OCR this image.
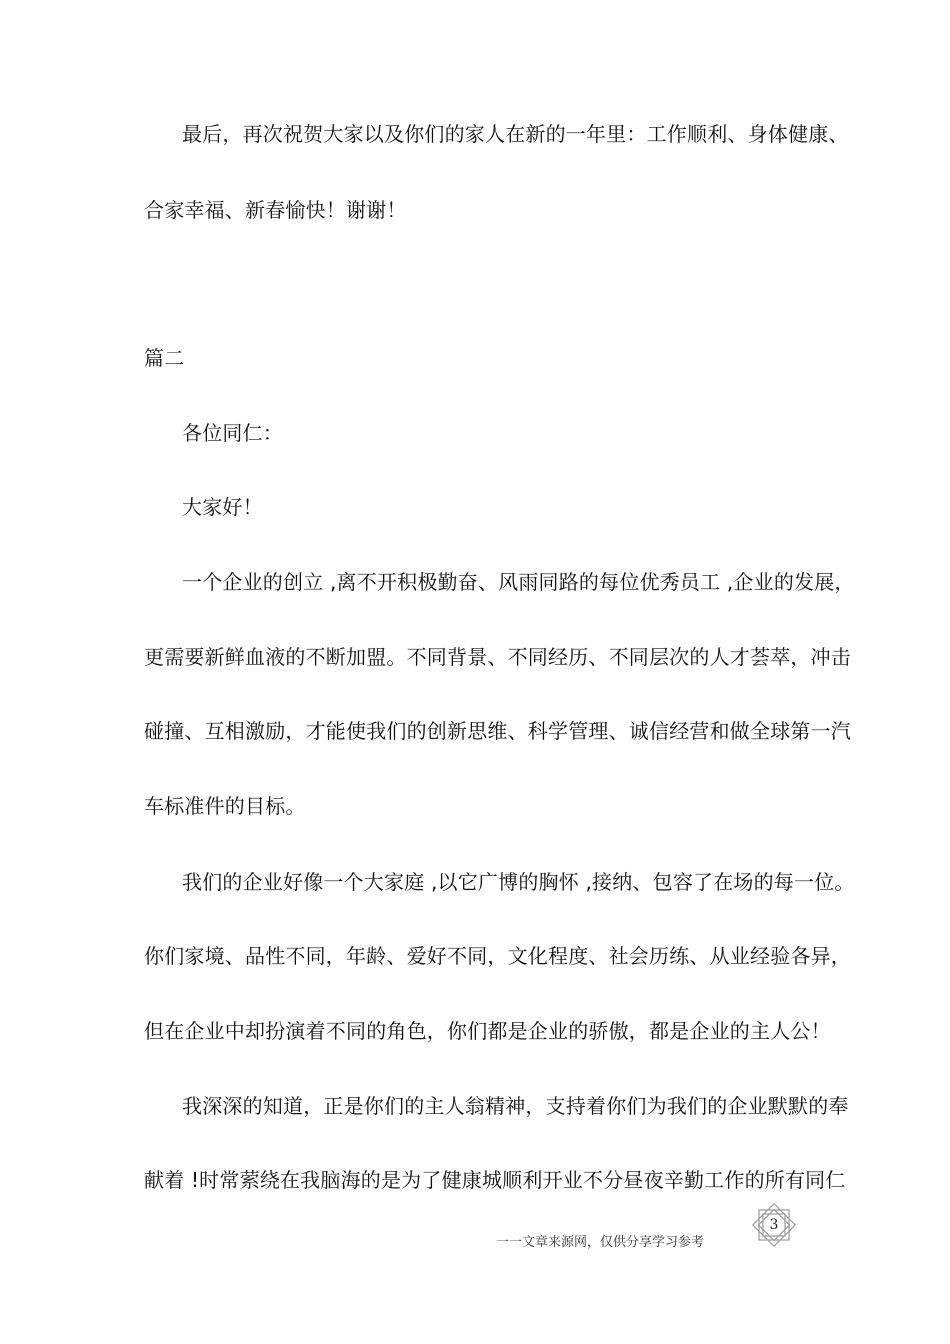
最后，再次祝贺大家以及你们的家人在新的一年里：工作顺利、身体健康、
合家幸福、新春愉快！谢谢！
篇二
各位同仁：
大家好！
一个企业的创立 ,离不开积极勤奋、风雨同路的每位优秀员工 ,企业的发展，
更需要新鲜血液的不断加盟。不同背景、不同经历、不同层次的人才荟萃，冲击
碰撞、互相激励，才能使我们的创新思维、科学管理、诚信经营和做全球第一汽
车标准件的目标。
我们的企业好像一个大家庭 ,以它广博的胸怀 ,接纳、包容了在场的每一位。
你们家境、品性不同，年龄、爱好不同，文化程度、社会历练、从业经验各异，
但在企业中却扮演着不同的角色，你们都是企业的骄傲，都是企业的主人公！
我深深的知道，正是你们的主人翁精神，支持着你们为我们的企业默默的奉
献着 !时常萦绕在我脑海的是为了健康城顺利开业不分昼夜辛勤工作的所有同仁
一一文章来源网，仅供分享学习参考
3
